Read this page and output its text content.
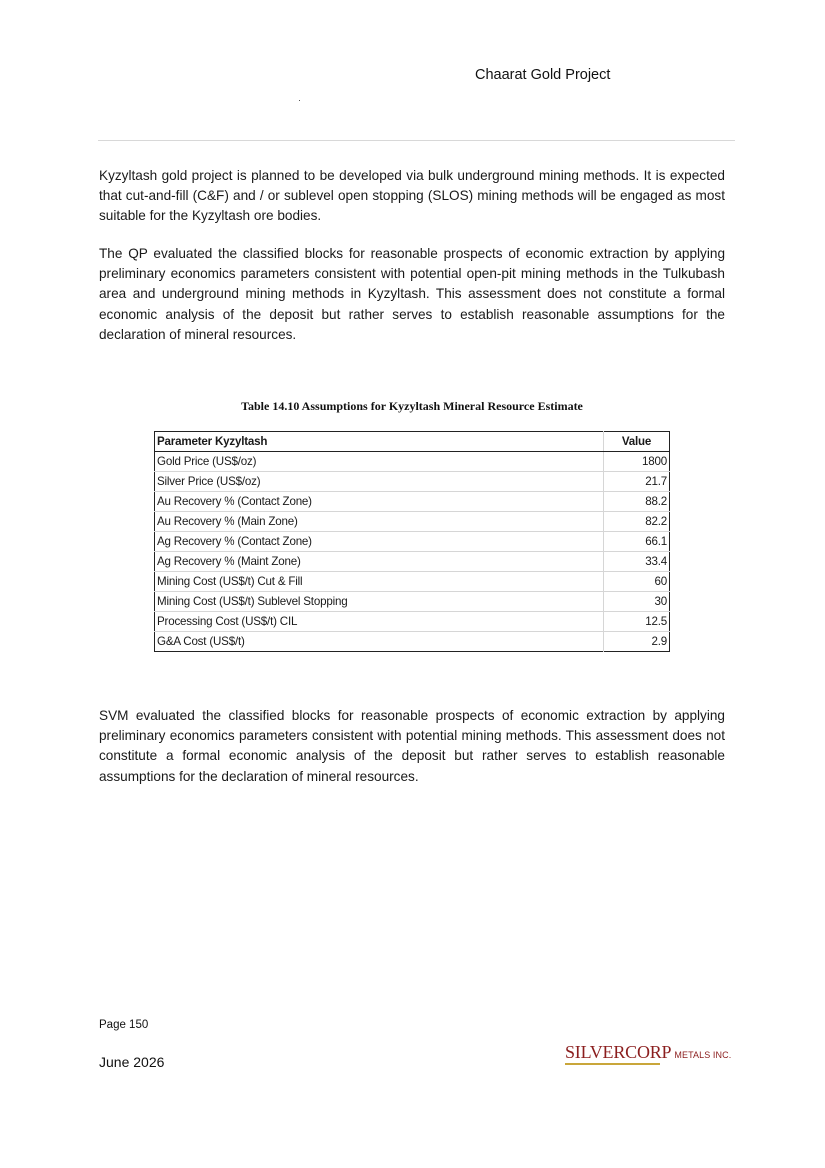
Chaarat Gold Project

Kyzyltash gold project is planned to be developed via bulk underground mining methods. It is expected that cut-and-fill (C&F) and / or sublevel open stopping (SLOS) mining methods will be engaged as most suitable for the Kyzyltash ore bodies.

The QP evaluated the classified blocks for reasonable prospects of economic extraction by applying preliminary economics parameters consistent with potential open-pit mining methods in the Tulkubash area and underground mining methods in Kyzyltash. This assessment does not constitute a formal economic analysis of the deposit but rather serves to establish reasonable assumptions for the declaration of mineral resources.

Table 14.10 Assumptions for Kyzyltash Mineral Resource Estimate
Parameter Kyzyltash	Value
Gold Price (US$/oz)	1800
Silver Price (US$/oz)	21.7
Au Recovery % (Contact Zone)	88.2
Au Recovery % (Main Zone)	82.2
Ag Recovery % (Contact Zone)	66.1
Ag Recovery % (Maint Zone)	33.4
Mining Cost (US$/t) Cut & Fill	60
Mining Cost (US$/t) Sublevel Stopping	30
Processing Cost (US$/t) CIL	12.5
G&A Cost (US$/t)	2.9

SVM evaluated the classified blocks for reasonable prospects of economic extraction by applying preliminary economics parameters consistent with potential mining methods. This assessment does not constitute a formal economic analysis of the deposit but rather serves to establish reasonable assumptions for the declaration of mineral resources.

Page 150
June 2026	SILVERCORP METALS INC.
